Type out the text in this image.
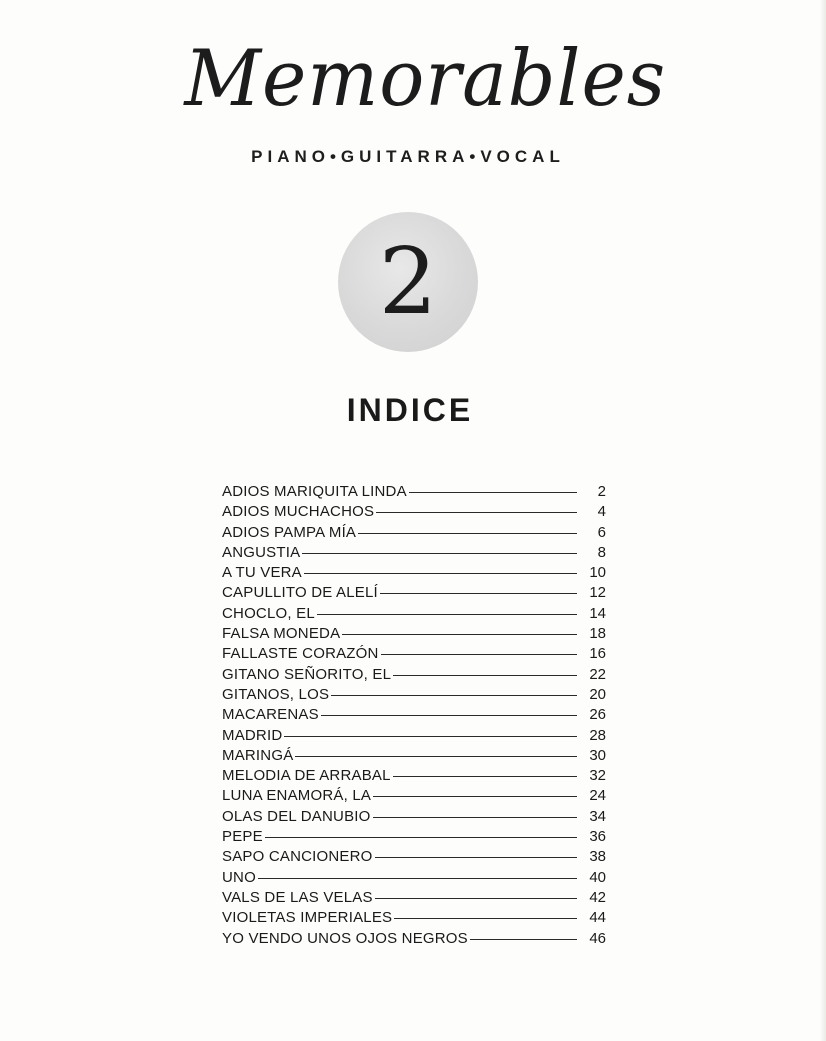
Memorables
PIANO•GUITARRA•VOCAL
2
INDICE
ADIOS MARIQUITA LINDA	2
ADIOS MUCHACHOS	4
ADIOS PAMPA MÍA	6
ANGUSTIA	8
A TU VERA	10
CAPULLITO DE ALELÍ	12
CHOCLO, EL	14
FALSA MONEDA	18
FALLASTE CORAZÓN	16
GITANO SEÑORITO, EL	22
GITANOS, LOS	20
MACARENAS	26
MADRID	28
MARINGÁ	30
MELODIA DE ARRABAL	32
LUNA ENAMORÁ, LA	24
OLAS DEL DANUBIO	34
PEPE	36
SAPO CANCIONERO	38
UNO	40
VALS DE LAS VELAS	42
VIOLETAS IMPERIALES	44
YO VENDO UNOS OJOS NEGROS	46
